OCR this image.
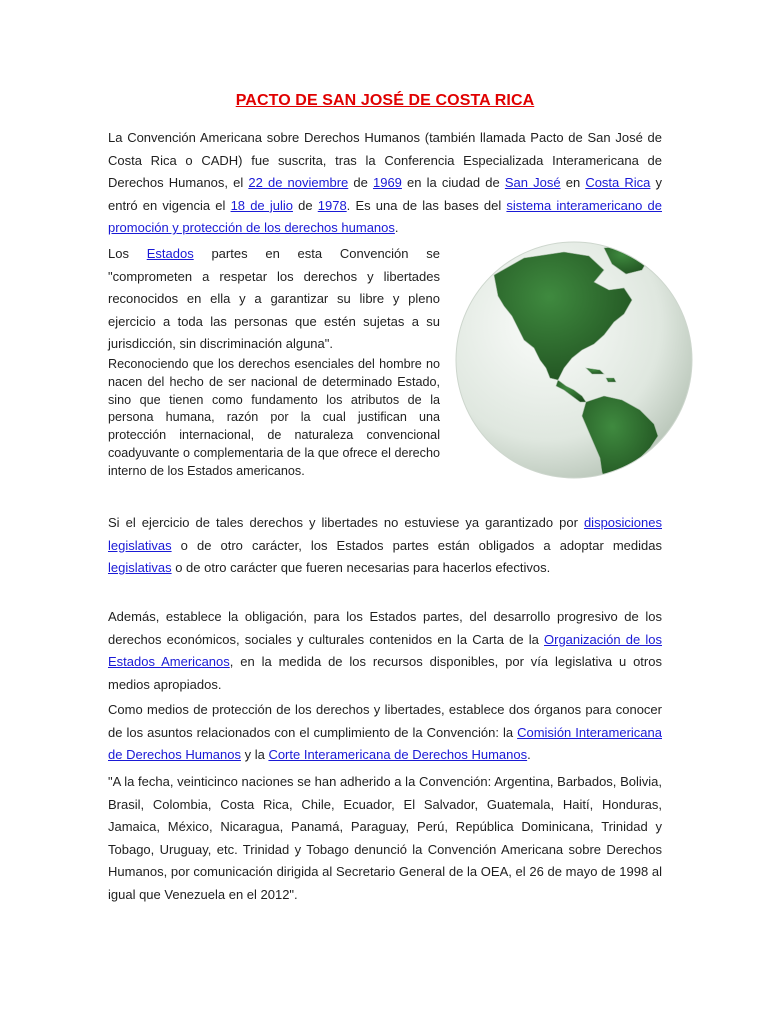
PACTO DE SAN JOSÉ DE COSTA RICA

La Convención Americana sobre Derechos Humanos (también llamada Pacto de San José de Costa Rica o CADH) fue suscrita, tras la Conferencia Especializada Interamericana de Derechos Humanos, el 22 de noviembre de 1969 en la ciudad de San José en Costa Rica y entró en vigencia el 18 de julio de 1978. Es una de las bases del sistema interamericano de promoción y protección de los derechos humanos.

Los Estados partes en esta Convención se "comprometen a respetar los derechos y libertades reconocidos en ella y a garantizar su libre y pleno ejercicio a toda las personas que estén sujetas a su jurisdicción, sin discriminación alguna".

Reconociendo que los derechos esenciales del hombre no nacen del hecho de ser nacional de determinado Estado, sino que tienen como fundamento los atributos de la persona humana, razón por la cual justifican una protección internacional, de naturaleza convencional coadyuvante o complementaria de la que ofrece el derecho interno de los Estados americanos.

Si el ejercicio de tales derechos y libertades no estuviese ya garantizado por disposiciones legislativas o de otro carácter, los Estados partes están obligados a adoptar medidas legislativas o de otro carácter que fueren necesarias para hacerlos efectivos.

Además, establece la obligación, para los Estados partes, del desarrollo progresivo de los derechos económicos, sociales y culturales contenidos en la Carta de la Organización de los Estados Americanos, en la medida de los recursos disponibles, por vía legislativa u otros medios apropiados.

Como medios de protección de los derechos y libertades, establece dos órganos para conocer de los asuntos relacionados con el cumplimiento de la Convención: la Comisión Interamericana de Derechos Humanos y la Corte Interamericana de Derechos Humanos.

"A la fecha, veinticinco naciones se han adherido a la Convención: Argentina, Barbados, Bolivia, Brasil, Colombia, Costa Rica, Chile, Ecuador, El Salvador, Guatemala, Haití, Honduras, Jamaica, México, Nicaragua, Panamá, Paraguay, Perú, República Dominicana, Trinidad y Tobago, Uruguay, etc. Trinidad y Tobago denunció la Convención Americana sobre Derechos Humanos, por comunicación dirigida al Secretario General de la OEA, el 26 de mayo de 1998 al igual que Venezuela en el 2012".
